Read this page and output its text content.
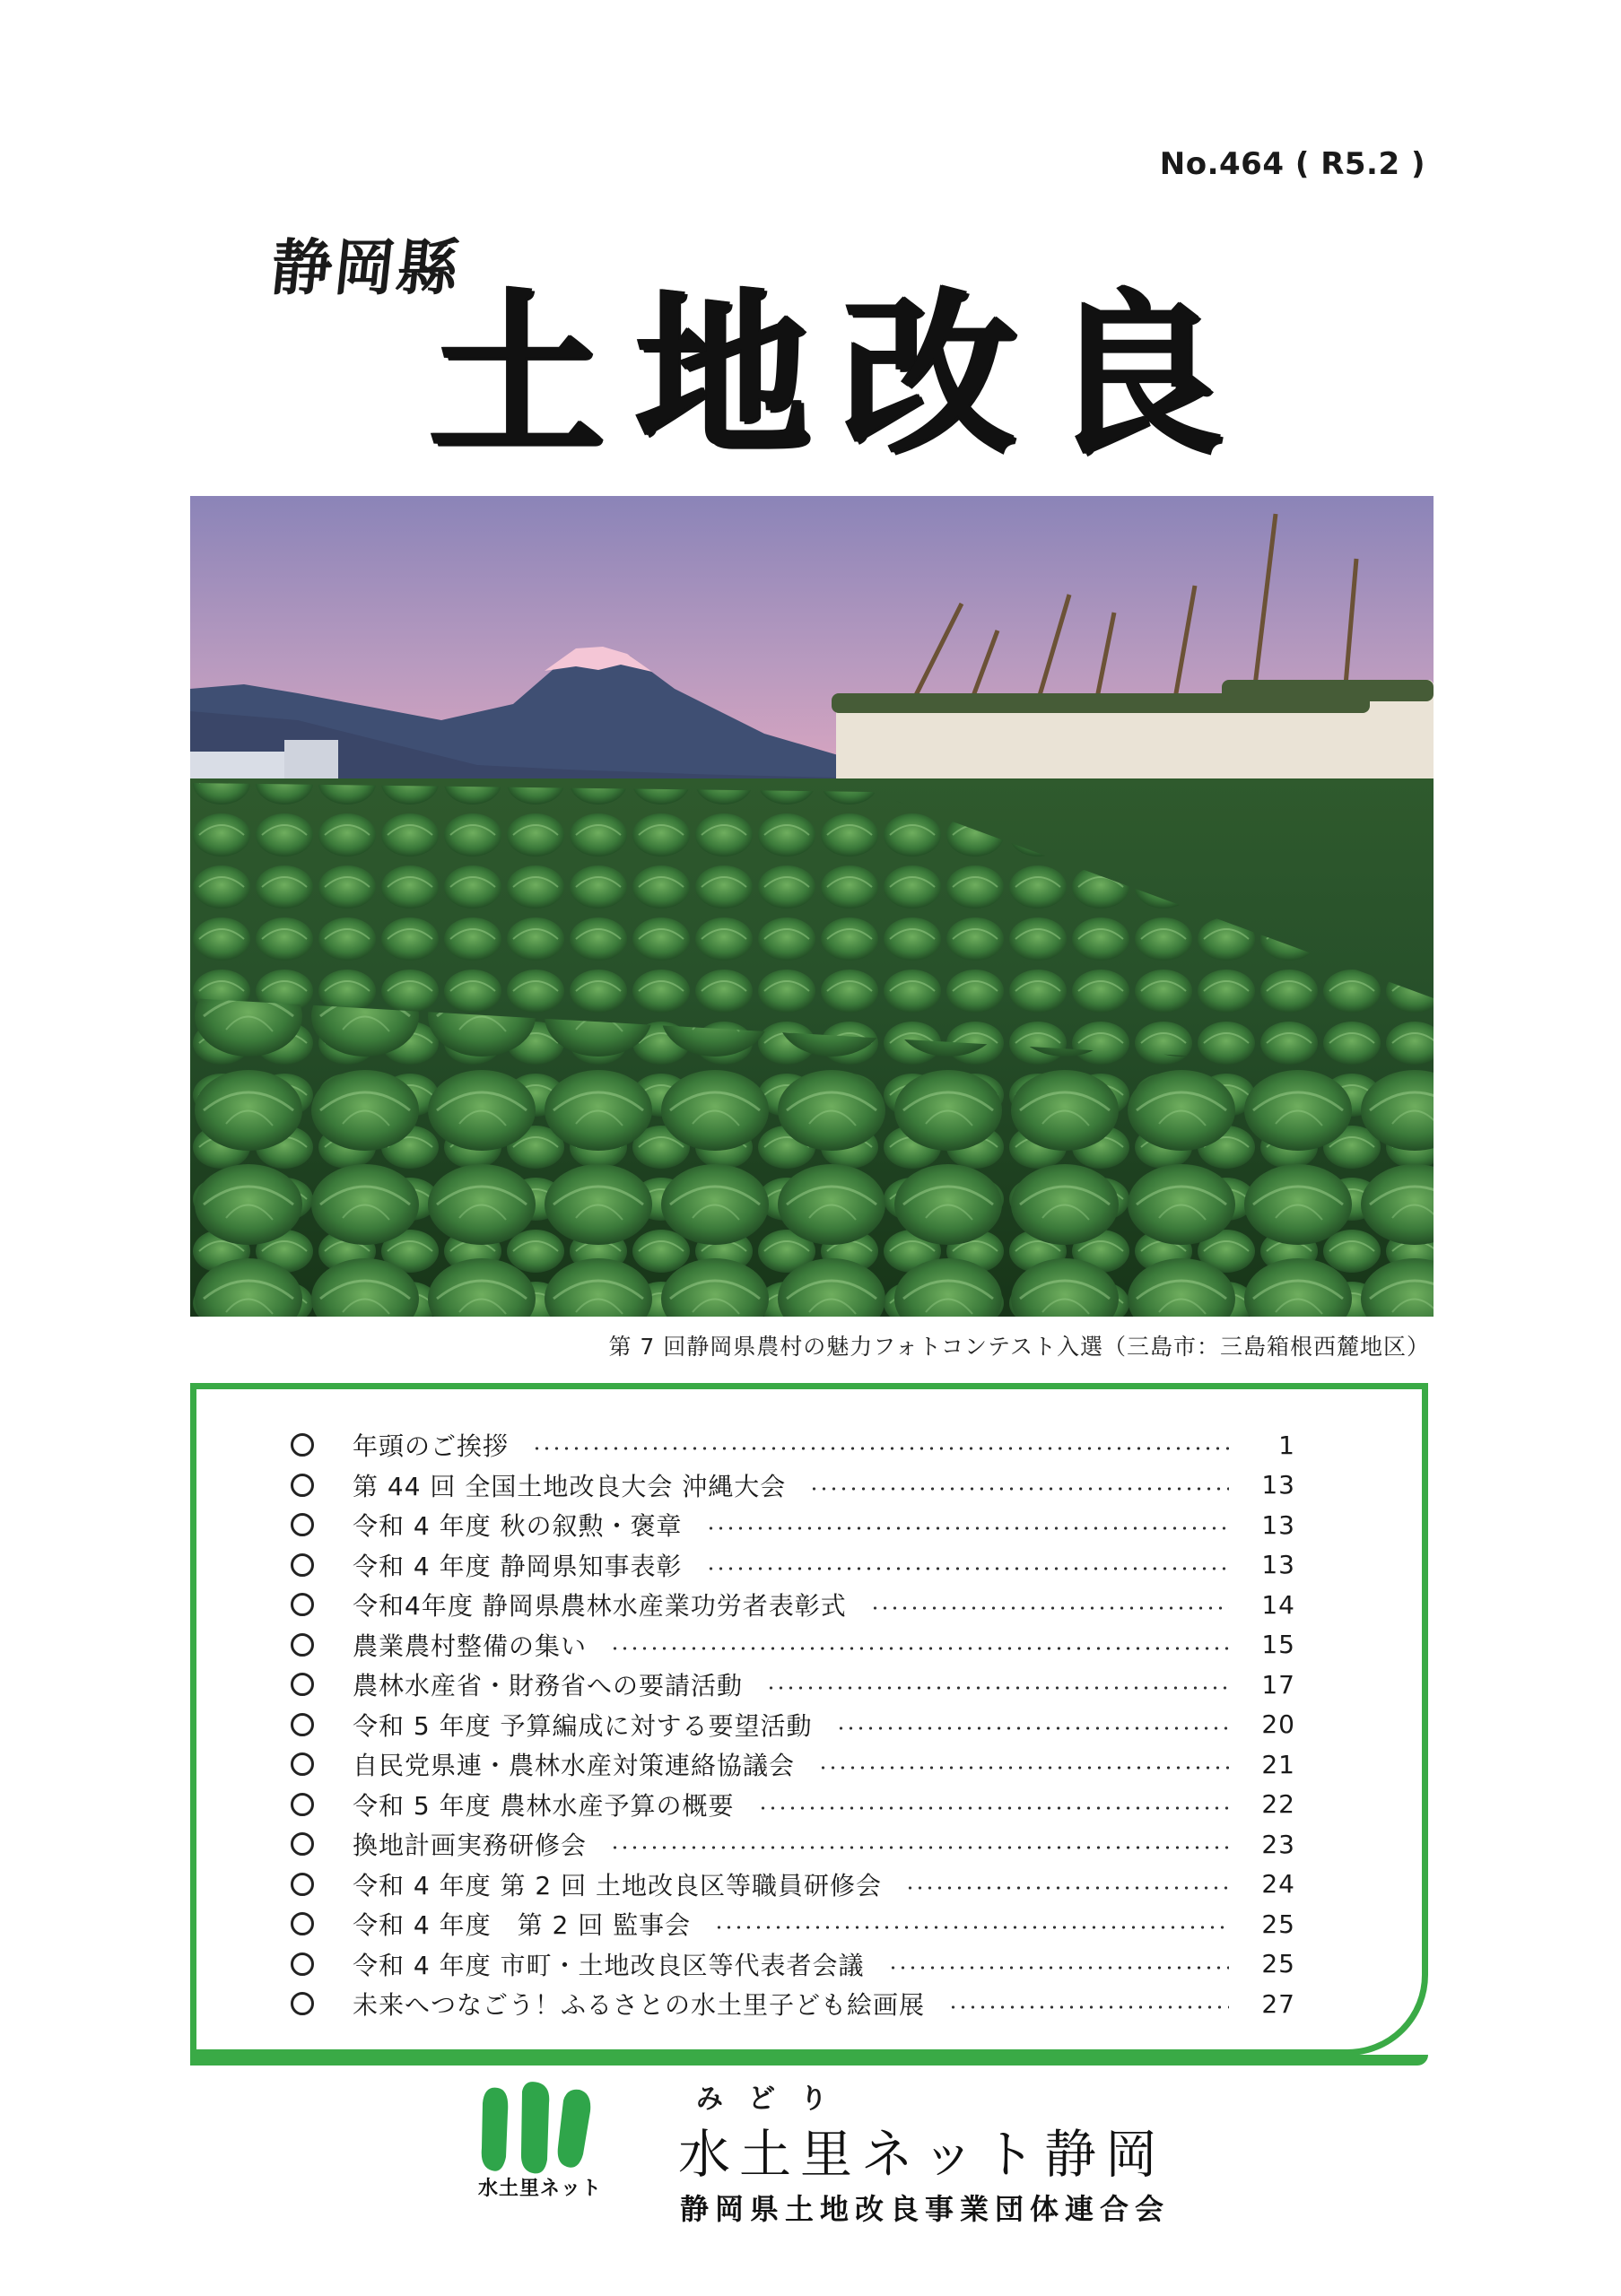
No.464 ( R5.2 )
静岡縣
土地改良
第 7 回静岡県農村の魅力フォトコンテスト入選（三島市：三島箱根西麓地区）
年頭のご挨拶	1
第 44 回 全国土地改良大会 沖縄大会	13
令和 4 年度 秋の叙勲・褒章	13
令和 4 年度 静岡県知事表彰	13
令和4年度 静岡県農林水産業功労者表彰式	14
農業農村整備の集い	15
農林水産省・財務省への要請活動	17
令和 5 年度 予算編成に対する要望活動	20
自民党県連・農林水産対策連絡協議会	21
令和 5 年度 農林水産予算の概要	22
換地計画実務研修会	23
令和 4 年度 第 2 回 土地改良区等職員研修会	24
令和 4 年度　第 2 回 監事会	25
令和 4 年度 市町・土地改良区等代表者会議	25
未来へつなごう！ふるさとの水土里子ども絵画展	27
水土里ネット
みどり
水土里ネット静岡
静岡県土地改良事業団体連合会
